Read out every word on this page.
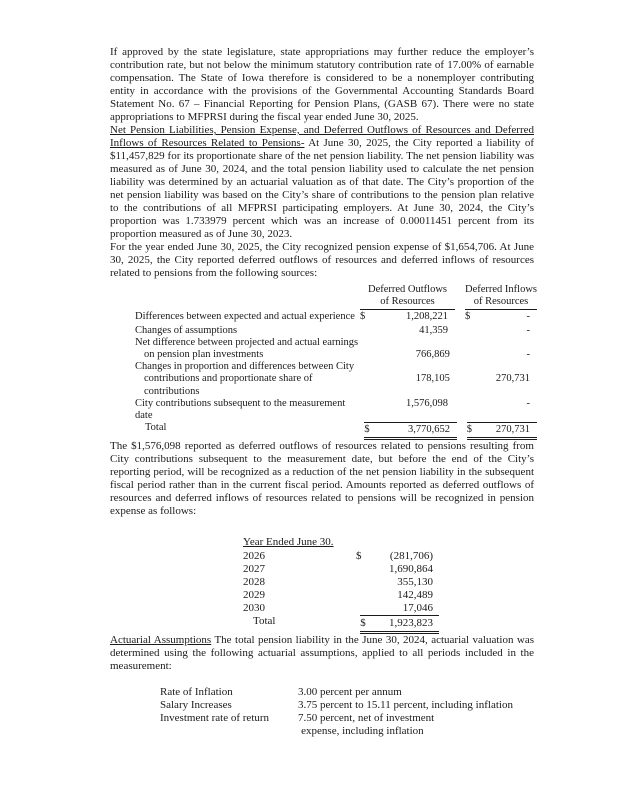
If approved by the state legislature, state appropriations may further reduce the employer’s contribution rate, but not below the minimum statutory contribution rate of 17.00% of earnable compensation. The State of Iowa therefore is considered to be a nonemployer contributing entity in accordance with the provisions of the Governmental Accounting Standards Board Statement No. 67 – Financial Reporting for Pension Plans, (GASB 67). There were no state appropriations to MFPRSI during the fiscal year ended June 30, 2025.

Net Pension Liabilities, Pension Expense, and Deferred Outflows of Resources and Deferred Inflows of Resources Related to Pensions- At June 30, 2025, the City reported a liability of $11,457,829 for its proportionate share of the net pension liability. The net pension liability was measured as of June 30, 2024, and the total pension liability used to calculate the net pension liability was determined by an actuarial valuation as of that date. The City’s proportion of the net pension liability was based on the City’s share of contributions to the pension plan relative to the contributions of all MFPRSI participating employers. At June 30, 2024, the City’s proportion was 1.733979 percent which was an increase of 0.00011451 percent from its proportion measured as of June 30, 2023.

For the year ended June 30, 2025, the City recognized pension expense of $1,654,706. At June 30, 2025, the City reported deferred outflows of resources and deferred inflows of resources related to pensions from the following sources:

Deferred Outflows
of Resources
Deferred Inflows
of Resources
Differences between expected and actual experience $	1,208,221	$	-
Changes of assumptions	41,359	-
Net difference between projected and actual earnings
on pension plan investments	766,869	-
Changes in proportion and differences between City
contributions and proportionate share of contributions
178,105	270,731
City contributions subsequent to the measurement date
1,576,098	-
Total	$	3,770,652	$	270,731

The $1,576,098 reported as deferred outflows of resources related to pensions resulting from City contributions subsequent to the measurement date, but before the end of the City’s reporting period, will be recognized as a reduction of the net pension liability in the subsequent fiscal period rather than in the current fiscal period. Amounts reported as deferred outflows of resources and deferred inflows of resources related to pensions will be recognized in pension expense as follows:

Year Ended June 30.
2026	$	(281,706)
2027	1,690,864
2028	355,130
2029	142,489
2030	17,046
Total	$	1,923,823

Actuarial Assumptions The total pension liability in the June 30, 2024, actuarial valuation was determined using the following actuarial assumptions, applied to all periods included in the measurement:

Rate of Inflation	3.00 percent per annum
Salary Increases	3.75 percent to 15.11 percent, including inflation
Investment rate of return	7.50 percent, net of investment
expense, including inflation
